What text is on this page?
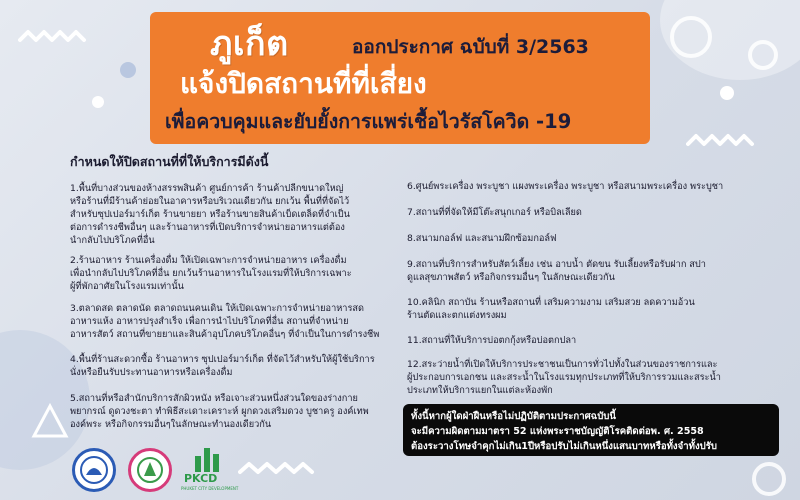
ภูเก็ต	ออกประกาศ ฉบับที่ 3/2563
แจ้งปิดสถานที่ที่เสี่ยง
เพื่อควบคุมและยับยั้งการแพร่เชื้อไวรัสโควิด -19
กำหนดให้ปิดสถานที่ที่ให้บริการมีดังนี้
1.พื้นที่บางส่วนของห้างสรรพสินค้า ศูนย์การค้า ร้านค้าปลีกขนาดใหญ่
หรือร้านที่มีร้านค้าย่อยในอาคารหรือบริเวณเดียวกัน ยกเว้น พื้นที่ที่จัดไว้
สำหรับซุปเปอร์มาร์เก็ต ร้านขายยา หรือร้านขายสินค้าเบ็ดเตล็ดที่จำเป็น
ต่อการดำรงชีพอื่นๆ และร้านอาหารที่เปิดบริการจำหน่ายอาหารแต่ต้อง
นำกลับไปบริโภคที่อื่น
2.ร้านอาหาร ร้านเครื่องดื่ม ให้เปิดเฉพาะการจำหน่ายอาหาร เครื่องดื่ม
เพื่อนำกลับไปบริโภคที่อื่น ยกเว้นร้านอาหารในโรงแรมที่ให้บริการเฉพาะ
ผู้ที่พักอาศัยในโรงแรมเท่านั้น
3.ตลาดสด ตลาดนัด ตลาดถนนคนเดิน ให้เปิดเฉพาะการจำหน่ายอาหารสด
อาหารแห้ง อาหารปรุงสำเร็จ เพื่อการนำไปบริโภคที่อื่น สถานที่จำหน่าย
อาหารสัตว์ สถานที่ขายยาและสินค้าอุปโภคบริโภคอื่นๆ ที่จำเป็นในการดำรงชีพ
4.พื้นที่ร้านสะดวกซื้อ ร้านอาหาร ซุปเปอร์มาร์เก็ต ที่จัดไว้สำหรับให้ผู้ใช้บริการ
นั่งหรือยืนรับประทานอาหารหรือเครื่องดื่ม
5.สถานที่หรือสำนักบริการสักผิวหนัง หรือเจาะส่วนหนึ่งส่วนใดของร่างกาย
พยากรณ์ ดูดวงชะตา ทำพิธีสะเดาะเคราะห์ ผูกดวงเสริมดวง บูชาครู องค์เทพ
องค์พระ หรือกิจกรรมอื่นๆในลักษณะทำนองเดียวกัน
6.ศูนย์พระเครื่อง พระบูชา แผงพระเครื่อง พระบูชา หรือสนามพระเครื่อง พระบูชา
7.สถานที่ที่จัดให้มีโต๊ะสนุกเกอร์ หรือบิลเลียด
8.สนามกอล์ฟ และสนามฝึกซ้อมกอล์ฟ
9.สถานที่บริการสำหรับสัตว์เลี้ยง เช่น อาบน้ำ ตัดขน รับเลี้ยงหรือรับฝาก สปา
ดูแลสุขภาพสัตว์ หรือกิจกรรมอื่นๆ ในลักษณะเดียวกัน
10.คลินิก สถาบัน ร้านหรือสถานที่ เสริมความงาม เสริมสวย ลดความอ้วน
ร้านตัดและตกแต่งทรงผม
11.สถานที่ให้บริการบ่อตกกุ้งหรือบ่อตกปลา
12.สระว่ายน้ำที่เปิดให้บริการประชาชนเป็นการทั่วไปทั้งในส่วนของราชการและ
ผู้ประกอบการเอกชน และสระน้ำในโรงแรมทุกประเภทที่ให้บริการรวมและสระน้ำ
ประเภทให้บริการแยกในแต่ละห้องพัก
ทั้งนี้หากผู้ใดฝ่าฝืนหรือไม่ปฏิบัติตามประกาศฉบับนี้
จะมีความผิดตามมาตรา 52 แห่งพระราชบัญญัติโรคติดต่อพ. ศ. 2558
ต้องระวางโทษจำคุกไม่เกิน1ปีหรือปรับไม่เกินหนึ่งแสนบาทหรือทั้งจำทั้งปรับ
PKCD
PHUKET CITY DEVELOPMENT
